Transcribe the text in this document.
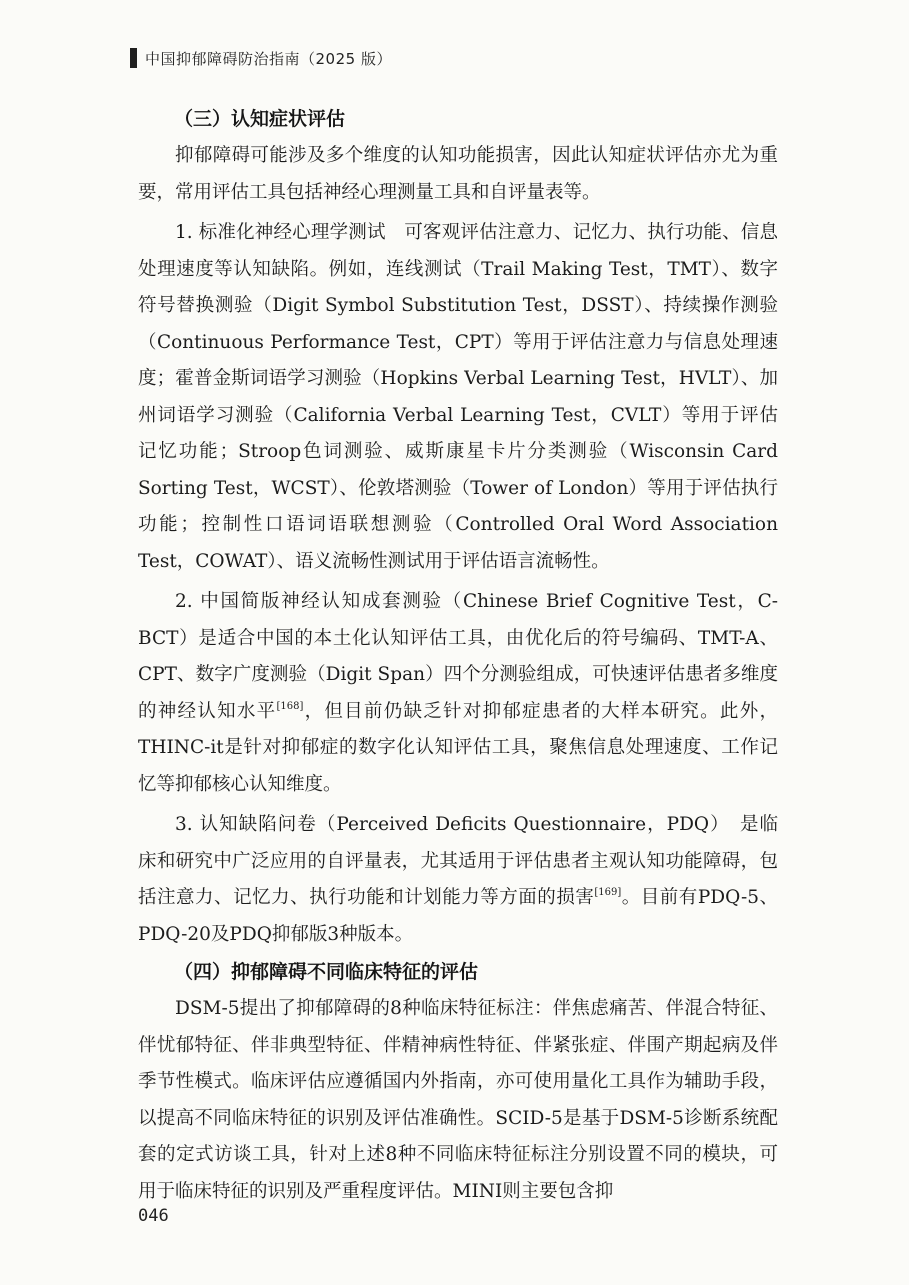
中国抑郁障碍防治指南（2025 版）
（三）认知症状评估

抑郁障碍可能涉及多个维度的认知功能损害，因此认知症状评估亦尤为重要，常用评估工具包括神经心理测量工具和自评量表等。

1. 标准化神经心理学测试　可客观评估注意力、记忆力、执行功能、信息处理速度等认知缺陷。例如，连线测试（Trail Making Test，TMT）、数字符号替换测验（Digit Symbol Substitution Test，DSST）、持续操作测验（Continuous Performance Test，CPT）等用于评估注意力与信息处理速度；霍普金斯词语学习测验（Hopkins Verbal Learning Test，HVLT）、加州词语学习测验（California Verbal Learning Test，CVLT）等用于评估记忆功能；Stroop色词测验、威斯康星卡片分类测验（Wisconsin Card Sorting Test，WCST）、伦敦塔测验（Tower of London）等用于评估执行功能；控制性口语词语联想测验（Controlled Oral Word Association Test，COWAT）、语义流畅性测试用于评估语言流畅性。

2. 中国简版神经认知成套测验（Chinese Brief Cognitive Test，C-BCT）是适合中国的本土化认知评估工具，由优化后的符号编码、TMT-A、CPT、数字广度测验（Digit Span）四个分测验组成，可快速评估患者多维度的神经认知水平[168]，但目前仍缺乏针对抑郁症患者的大样本研究。此外，THINC-it是针对抑郁症的数字化认知评估工具，聚焦信息处理速度、工作记忆等抑郁核心认知维度。

3. 认知缺陷问卷（Perceived Deficits Questionnaire，PDQ）　是临床和研究中广泛应用的自评量表，尤其适用于评估患者主观认知功能障碍，包括注意力、记忆力、执行功能和计划能力等方面的损害[169]。目前有PDQ-5、PDQ-20及PDQ抑郁版3种版本。

（四）抑郁障碍不同临床特征的评估

DSM-5提出了抑郁障碍的8种临床特征标注：伴焦虑痛苦、伴混合特征、伴忧郁特征、伴非典型特征、伴精神病性特征、伴紧张症、伴围产期起病及伴季节性模式。临床评估应遵循国内外指南，亦可使用量化工具作为辅助手段，以提高不同临床特征的识别及评估准确性。SCID-5是基于DSM-5诊断系统配套的定式访谈工具，针对上述8种不同临床特征标注分别设置不同的模块，可用于临床特征的识别及严重程度评估。MINI则主要包含抑

046
